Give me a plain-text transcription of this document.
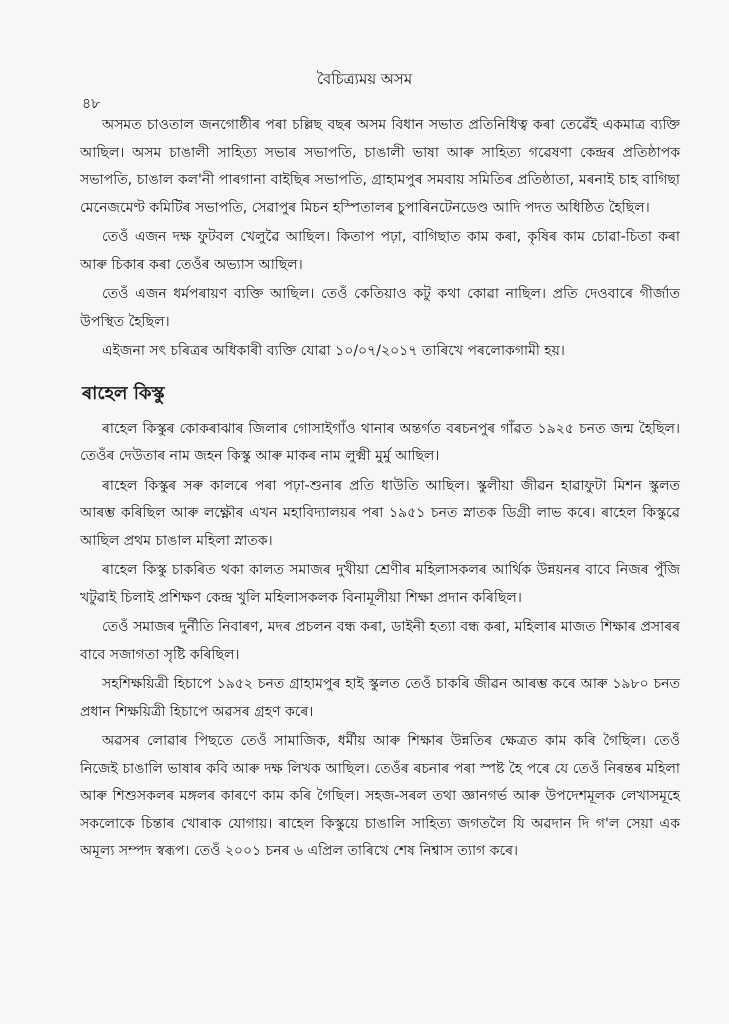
বৈচিত্ৰ্যময় অসম
৪৮

অসমত চাওতাল জনগোষ্ঠীৰ পৰা চল্লিছ বছৰ অসম বিধান সভাত প্ৰতিনিধিত্ব কৰা তেৱেঁই একমাত্ৰ ব্যক্তি আছিল। অসম চাঙালী সাহিত্য সভাৰ সভাপতি, চাঙালী ভাষা আৰু সাহিত্য গৱেষণা কেন্দ্ৰৰ প্ৰতিষ্ঠাপক সভাপতি, চাঙাল কল'নী পাৰগানা বাইছিৰ সভাপতি, গ্ৰাহামপুৰ সমবায় সমিতিৰ প্ৰতিষ্ঠাতা, মৰনাই চাহ বাগিছা মেনেজমেণ্ট কমিটিৰ সভাপতি, সেৱাপুৰ মিচন হস্পিতালৰ চুপাৰিনটেনডেণ্ড আদি পদত অধিষ্ঠিত হৈছিল।

তেওঁ এজন দক্ষ ফুটবল খেলুৱৈ আছিল। কিতাপ পঢ়া, বাগিছাত কাম কৰা, কৃষিৰ কাম চোৱা-চিতা কৰা আৰু চিকাৰ কৰা তেওঁৰ অভ্যাস আছিল।

তেওঁ এজন ধৰ্মপৰায়ণ ব্যক্তি আছিল। তেওঁ কেতিয়াও কটু কথা কোৱা নাছিল। প্ৰতি দেওবাৰে গীৰ্জাত উপস্থিত হৈছিল।

এইজনা সৎ চৰিত্ৰৰ অধিকাৰী ব্যক্তি যোৱা ১০/০৭/২০১৭ তাৰিখে পৰলোকগামী হয়।

ৰাহেল কিস্কু

ৰাহেল কিস্কুৰ কোকৰাঝাৰ জিলাৰ গোসাইগাঁও থানাৰ অন্তৰ্গত বৰচনপুৰ গাঁৱত ১৯২৫ চনত জন্ম হৈছিল। তেওঁৰ দেউতাৰ নাম জহন কিস্কু আৰু মাকৰ নাম লুক্মী মুৰ্মু আছিল।

ৰাহেল কিস্কুৰ সৰু কালৰে পৰা পঢ়া-শুনাৰ প্ৰতি ধাউতি আছিল। স্কুলীয়া জীৱন হাৱাফুটা মিশন স্কুলত আৰম্ভ কৰিছিল আৰু লক্ষ্ণৌৰ এখন মহাবিদ্যালয়ৰ পৰা ১৯৫১ চনত স্নাতক ডিগ্ৰী লাভ কৰে। ৰাহেল কিস্কুৱে আছিল প্ৰথম চাঙাল মহিলা স্নাতক।

ৰাহেল কিস্কু চাকৰিত থকা কালত সমাজৰ দুখীয়া শ্ৰেণীৰ মহিলাসকলৰ আৰ্থিক উন্নয়নৰ বাবে নিজৰ পুঁজি খটুৱাই চিলাই প্ৰশিক্ষণ কেন্দ্ৰ খুলি মহিলাসকলক বিনামূলীয়া শিক্ষা প্ৰদান কৰিছিল।

তেওঁ সমাজৰ দুৰ্নীতি নিবাৰণ, মদৰ প্ৰচলন বন্ধ কৰা, ডাইনী হত্যা বন্ধ কৰা, মহিলাৰ মাজত শিক্ষাৰ প্ৰসাৰৰ বাবে সজাগতা সৃষ্টি কৰিছিল।

সহশিক্ষয়িত্ৰী হিচাপে ১৯৫২ চনত গ্ৰাহামপুৰ হাই স্কুলত তেওঁ চাকৰি জীৱন আৰম্ভ কৰে আৰু ১৯৮০ চনত প্ৰধান শিক্ষয়িত্ৰী হিচাপে অৱসৰ গ্ৰহণ কৰে।

অৱসৰ লোৱাৰ পিছতে তেওঁ সামাজিক, ধৰ্মীয় আৰু শিক্ষাৰ উন্নতিৰ ক্ষেত্ৰত কাম কৰি গৈছিল। তেওঁ নিজেই চাঙালি ভাষাৰ কবি আৰু দক্ষ লিখক আছিল। তেওঁৰ ৰচনাৰ পৰা স্পষ্ট হৈ পৰে যে তেওঁ নিৰন্তৰ মহিলা আৰু শিশুসকলৰ মঙ্গলৰ কাৰণে কাম কৰি গৈছিল। সহজ-সৰল তথা জ্ঞানগৰ্ভ আৰু উপদেশমূলক লেখাসমূহে সকলোকে চিন্তাৰ খোৰাক যোগায়। ৰাহেল কিস্কুয়ে চাঙালি সাহিত্য জগতলৈ যি অৱদান দি গ'ল সেয়া এক অমূল্য সম্পদ স্বৰূপ। তেওঁ ২০০১ চনৰ ৬ এপ্ৰিল তাৰিখে শেষ নিশ্বাস ত্যাগ কৰে।
